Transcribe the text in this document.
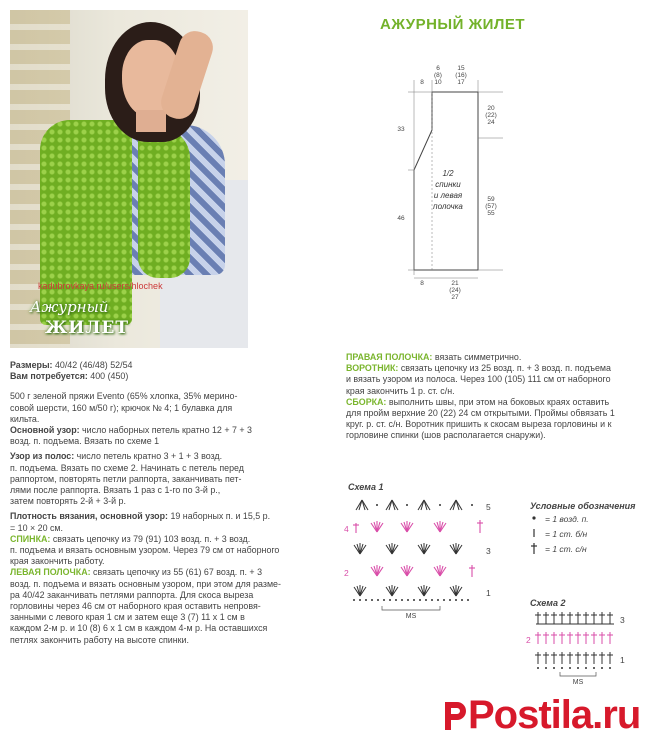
kadubrovkaya.ru/users/hlochek
Ажурный
ЖИЛЕТ
АЖУРНЫЙ ЖИЛЕТ
6
(8)
10
15
(16)
17
8
33
46
8
20
(22)
24
59
(57)
55
21
(24)
27
1/2
спинки
и левая
полочка
Размеры: 40/42 (46/48) 52/54
Вам потребуется: 400 (450)
500 г зеленой пряжи Evento (65% хлопка, 35% мерино-
совой шерсти, 160 м/50 г); крючок № 4; 1 булавка для
кильта.
Основной узор: число наборных петель кратно 12 + 7 + 3
возд. п. подъема. Вязать по схеме 1
Узор из полос: число петель кратно 3 + 1 + 3 возд.
п. подъема. Вязать по схеме 2. Начинать с петель перед
раппортом, повторять петли раппорта, заканчивать пет-
лями после раппорта. Вязать 1 раз с 1-го по 3-й р.,
затем повторять 2-й + 3-й р.
Плотность вязания, основной узор: 19 наборных п. и 15,5 р.
= 10 × 20 см.
СПИНКА: связать цепочку из 79 (91) 103 возд. п. + 3 возд.
п. подъема и вязать основным узором. Через 79 см от наборного
края закончить работу.
ЛЕВАЯ ПОЛОЧКА: связать цепочку из 55 (61) 67 возд. п. + 3
возд. п. подъема и вязать основным узором, при этом для разме-
ра 40/42 заканчивать петлями раппорта. Для скоса выреза
горловины через 46 см от наборного края оставить непровя-
занными с левого края 1 см и затем еще 3 (7) 11 х 1 см в
каждом 2-м р. и 10 (8) 6 х 1 см в каждом 4-м р. На оставшихся
петлях закончить работу на высоте спинки.
ПРАВАЯ ПОЛОЧКА: вязать симметрично.
ВОРОТНИК: связать цепочку из 25 возд. п. + 3 возд. п. подъема
и вязать узором из полоса. Через 100 (105) 111 см от наборного
края закончить 1 р. ст. с/н.
СБОРКА: выполнить швы, при этом на боковых краях оставить
для пройм верхние 20 (22) 24 см открытыми. Проймы обвязать 1
круг. р. ст. с/н. Воротник пришить к скосам выреза горловины и к
горловине спинки (шов располагается снаружи).
Схема 1
MS
5
4
3
2
1
Условные обозначения
= 1 возд. п.
= 1 ст. б/н
= 1 ст. с/н
Схема 2
MS
3
2
1
Postila.ru
